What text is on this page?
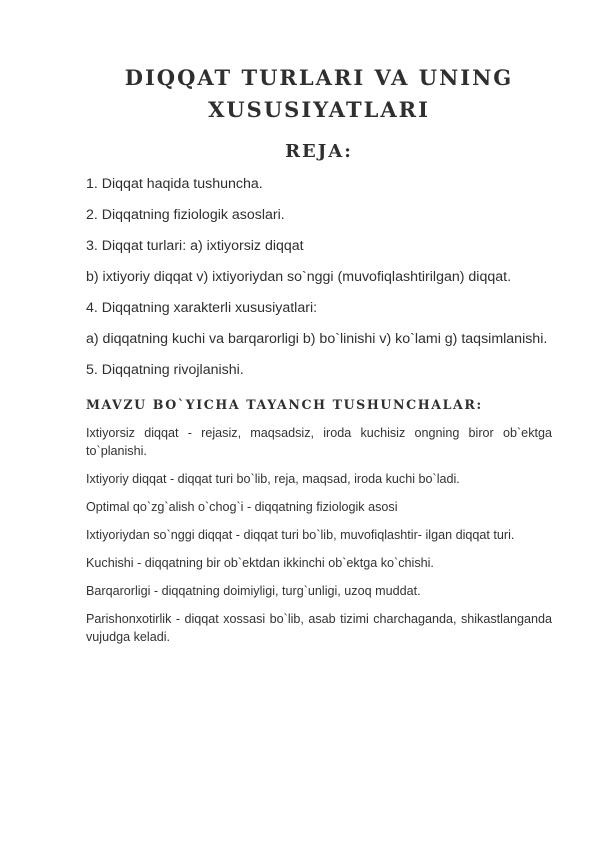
DIQQAT TURLARI VA UNING
XUSUSIYATLARI
REJA:

1. Diqqat haqida tushuncha.

2. Diqqatning fiziologik asoslari.

3. Diqqat turlari: a) ixtiyorsiz diqqat

b) ixtiyoriy diqqat v) ixtiyoriydan so`nggi (muvofiqlashtirilgan) diqqat.

4. Diqqatning xarakterli xususiyatlari:

a) diqqatning kuchi va barqarorligi b) bo`linishi v) ko`lami g) taqsimlanishi.

5. Diqqatning rivojlanishi.

MAVZU BO`YICHA TAYANCH TUSHUNCHALAR:

Ixtiyorsiz diqqat - rejasiz, maqsadsiz, iroda kuchisiz ongning biror ob`ektga to`planishi.

Ixtiyoriy diqqat - diqqat turi bo`lib, reja, maqsad, iroda kuchi bo`ladi.

Optimal qo`zg`alish o`chog`i - diqqatning fiziologik asosi

Ixtiyoriydan so`nggi diqqat - diqqat turi bo`lib, muvofiqlashtir- ilgan diqqat turi.

Kuchishi - diqqatning bir ob`ektdan ikkinchi ob`ektga ko`chishi.

Barqarorligi - diqqatning doimiyligi, turg`unligi, uzoq muddat.

Parishonxotirlik - diqqat xossasi bo`lib, asab tizimi charchaganda, shikastlanganda vujudga keladi.
